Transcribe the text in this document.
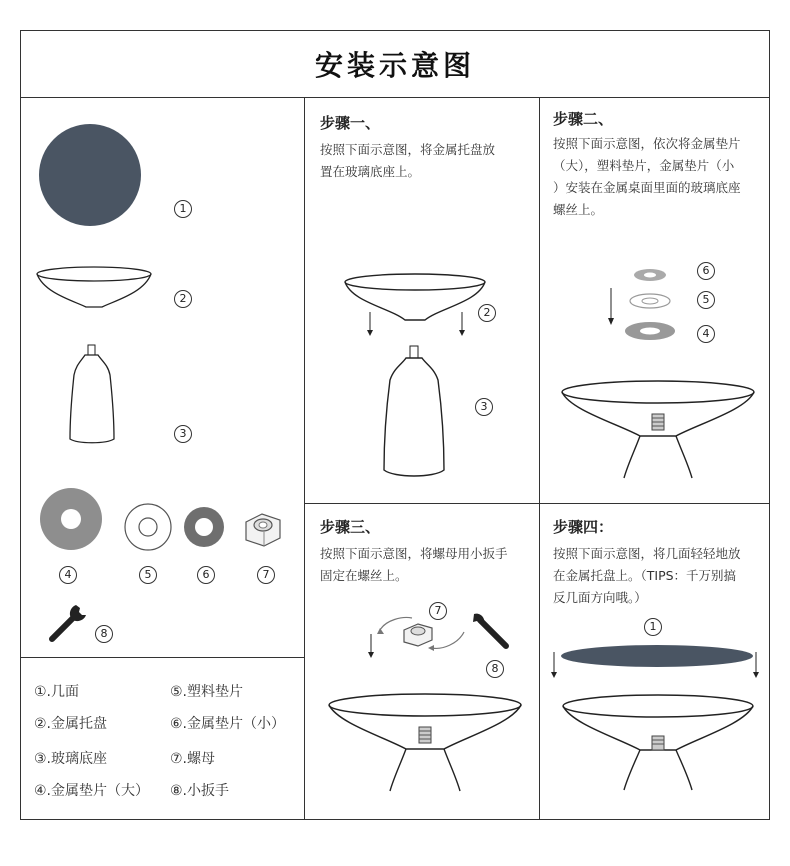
安装示意图
1
2
3
4	5	6	7
8
①.几面	⑤.塑料垫片
②.金属托盘	⑥.金属垫片（小）
③.玻璃底座	⑦.螺母
④.金属垫片（大） ⑧.小扳手
步骤一、
按照下面示意图，将金属托盘放
置在玻璃底座上。
2
3
步骤二、
按照下面示意图，依次将金属垫片
（大），塑料垫片，金属垫片（小
）安装在金属桌面里面的玻璃底座
螺丝上。
6
5
4
步骤三、
按照下面示意图，将螺母用小扳手
固定在螺丝上。
7
8
步骤四：
按照下面示意图，将几面轻轻地放
在金属托盘上。（TIPS：千万别搞
反几面方向哦。）
1
